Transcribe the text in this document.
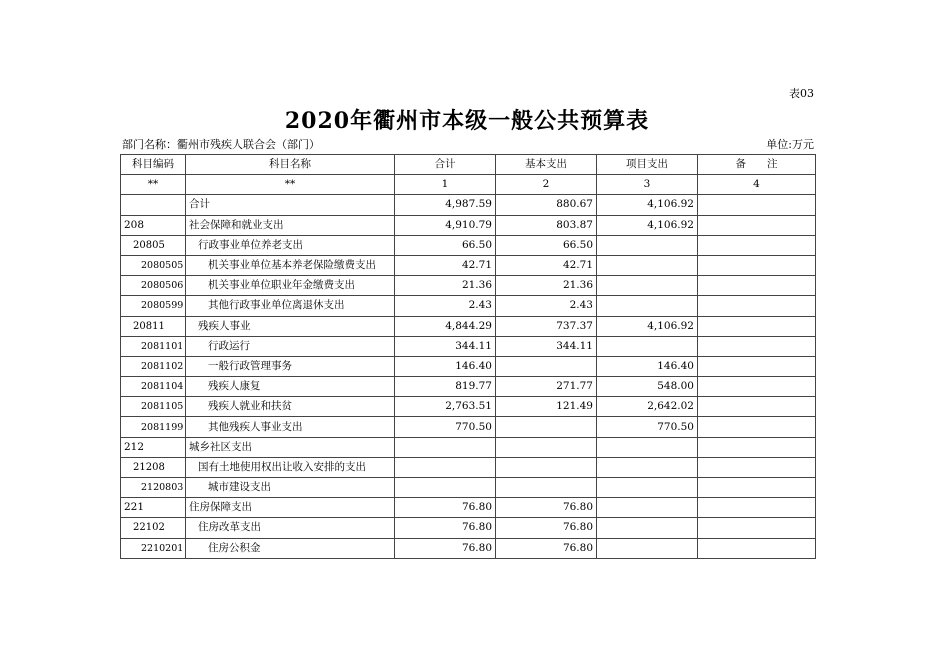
表03
2020年衢州市本级一般公共预算表
部门名称：衢州市残疾人联合会（部门）	单位:万元
科目编码	科目名称	合计	基本支出	项目支出	备　　注
**	**	1	2	3	4
	合计	4,987.59	880.67	4,106.92	
208	社会保障和就业支出	4,910.79	803.87	4,106.92	
20805	行政事业单位养老支出	66.50	66.50		
2080505	机关事业单位基本养老保险缴费支出	42.71	42.71		
2080506	机关事业单位职业年金缴费支出	21.36	21.36		
2080599	其他行政事业单位离退休支出	2.43	2.43		
20811	残疾人事业	4,844.29	737.37	4,106.92	
2081101	行政运行	344.11	344.11		
2081102	一般行政管理事务	146.40		146.40	
2081104	残疾人康复	819.77	271.77	548.00	
2081105	残疾人就业和扶贫	2,763.51	121.49	2,642.02	
2081199	其他残疾人事业支出	770.50		770.50	
212	城乡社区支出				
21208	国有土地使用权出让收入安排的支出				
2120803	城市建设支出				
221	住房保障支出	76.80	76.80		
22102	住房改革支出	76.80	76.80		
2210201	住房公积金	76.80	76.80		
